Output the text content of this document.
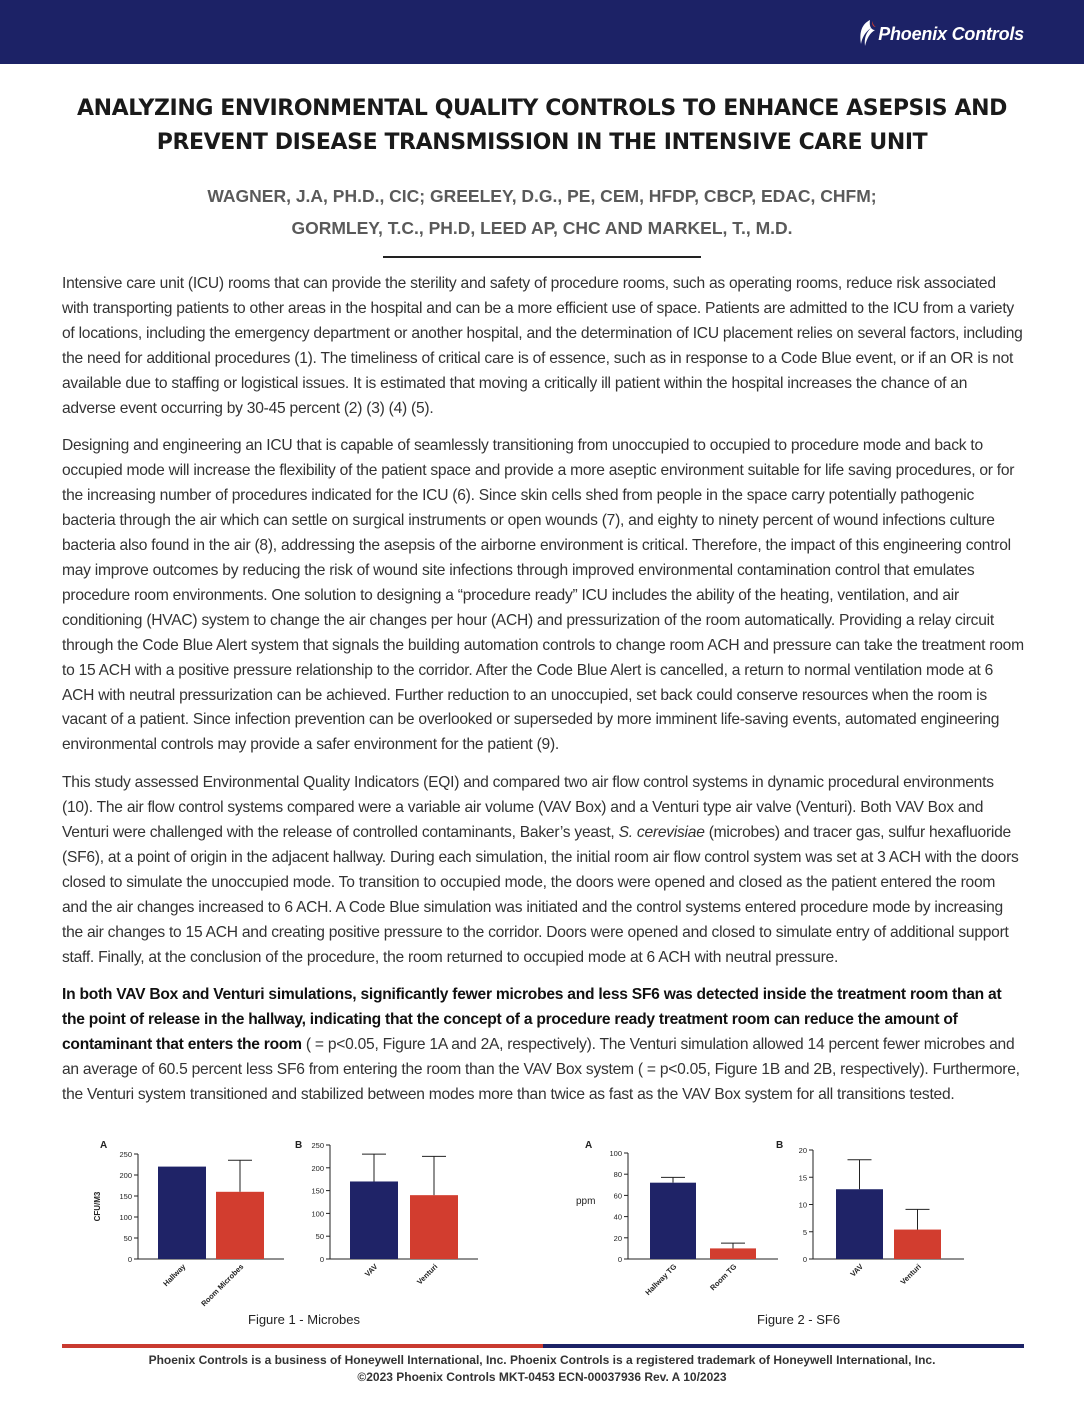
Phoenix Controls
ANALYZING ENVIRONMENTAL QUALITY CONTROLS TO ENHANCE ASEPSIS AND
PREVENT DISEASE TRANSMISSION IN THE INTENSIVE CARE UNIT
WAGNER, J.A, PH.D., CIC; GREELEY, D.G., PE, CEM, HFDP, CBCP, EDAC, CHFM;
GORMLEY, T.C., PH.D, LEED AP, CHC AND MARKEL, T., M.D.

Intensive care unit (ICU) rooms that can provide the sterility and safety of procedure rooms, such as operating rooms, reduce risk associated with transporting patients to other areas in the hospital and can be a more efficient use of space. Patients are admitted to the ICU from a variety of locations, including the emergency department or another hospital, and the determination of ICU placement relies on several factors, including the need for additional procedures (1). The timeliness of critical care is of essence, such as in response to a Code Blue event, or if an OR is not available due to staffing or logistical issues. It is estimated that moving a critically ill patient within the hospital increases the chance of an adverse event occurring by 30-45 percent (2) (3) (4) (5).

Designing and engineering an ICU that is capable of seamlessly transitioning from unoccupied to occupied to procedure mode and back to occupied mode will increase the flexibility of the patient space and provide a more aseptic environment suitable for life saving procedures, or for the increasing number of procedures indicated for the ICU (6). Since skin cells shed from people in the space carry potentially pathogenic bacteria through the air which can settle on surgical instruments or open wounds (7), and eighty to ninety percent of wound infections culture bacteria also found in the air (8), addressing the asepsis of the airborne environment is critical. Therefore, the impact of this engineering control may improve outcomes by reducing the risk of wound site infections through improved environmental contamination control that emulates procedure room environments. One solution to designing a “procedure ready” ICU includes the ability of the heating, ventilation, and air conditioning (HVAC) system to change the air changes per hour (ACH) and pressurization of the room automatically. Providing a relay circuit through the Code Blue Alert system that signals the building automation controls to change room ACH and pressure can take the treatment room to 15 ACH with a positive pressure relationship to the corridor. After the Code Blue Alert is cancelled, a return to normal ventilation mode at 6 ACH with neutral pressurization can be achieved. Further reduction to an unoccupied, set back could conserve resources when the room is vacant of a patient. Since infection prevention can be overlooked or superseded by more imminent life-saving events, automated engineering environmental controls may provide a safer environment for the patient (9).

This study assessed Environmental Quality Indicators (EQI) and compared two air flow control systems in dynamic procedural environments (10). The air flow control systems compared were a variable air volume (VAV Box) and a Venturi type air valve (Venturi). Both VAV Box and Venturi were challenged with the release of controlled contaminants, Baker’s yeast, S. cerevisiae (microbes) and tracer gas, sulfur hexafluoride (SF6), at a point of origin in the adjacent hallway. During each simulation, the initial room air flow control system was set at 3 ACH with the doors closed to simulate the unoccupied mode. To transition to occupied mode, the doors were opened and closed as the patient entered the room and the air changes increased to 6 ACH. A Code Blue simulation was initiated and the control systems entered procedure mode by increasing the air changes to 15 ACH and creating positive pressure to the corridor. Doors were opened and closed to simulate entry of additional support staff. Finally, at the conclusion of the procedure, the room returned to occupied mode at 6 ACH with neutral pressure.

In both VAV Box and Venturi simulations, significantly fewer microbes and less SF6 was detected inside the treatment room than at the point of release in the hallway, indicating that the concept of a procedure ready treatment room can reduce the amount of contaminant that enters the room ( = p<0.05, Figure 1A and 2A, respectively). The Venturi simulation allowed 14 percent fewer microbes and an average of 60.5 percent less SF6 from entering the room than the VAV Box system ( = p<0.05, Figure 1B and 2B, respectively). Furthermore, the Venturi system transitioned and stabilized between modes more than twice as fast as the VAV Box system for all transitions tested.

A
0
50
100
150
200
250
CFU/M3
Hallway Room Microbes
B
0
50
100
150
200
250
VAV	Venturi
A
0
20
40
60
80
100
ppm
Hallway TG	Room TG
B
0
5
10
15
20
VAV	Venturi
Figure 1 - Microbes	Figure 2 - SF6
Phoenix Controls is a business of Honeywell International, Inc. Phoenix Controls is a registered trademark of Honeywell International, Inc.
©2023 Phoenix Controls MKT-0453 ECN-00037936 Rev. A 10/2023
